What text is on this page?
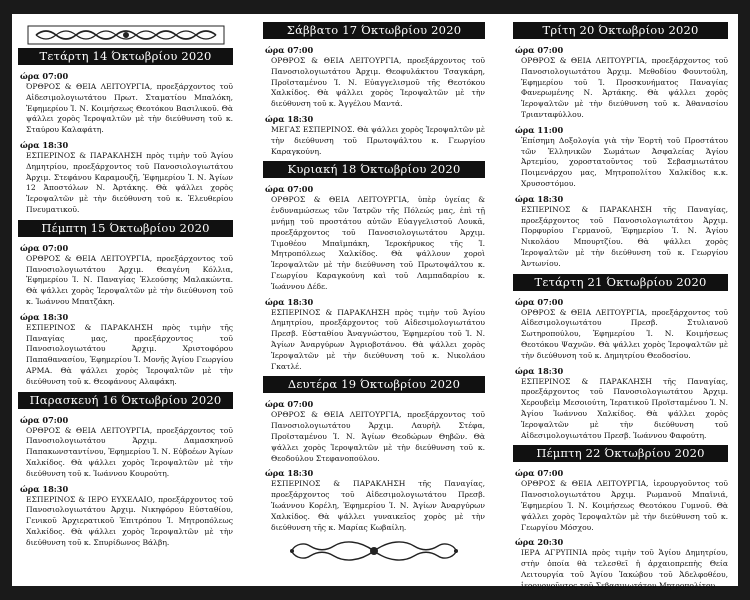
Τετάρτη 14 Όκτωβρίου 2020
ώρα 07:00
ΌΡΘΡΟΣ & ΘΕΙΑ ΛΕΙΤΟΥΡΓΙΑ, προεξάρχοντος τοῦ Αἰδεσιμολογιωτάτου Πρωτ. Σταματίου Μπαλόκη, Ἐφημερίου Ἰ. Ν. Κοιμήσεως Θεοτόκου Βασιλικοῦ. Θὰ ψάλλει χορὸς Ἱεροψαλτῶν μὲ τὴν διεύθυνση τοῦ κ. Σταύρου Καλαφάτη.
ώρα 18:30
ΕΣΠΕΡΙΝΟΣ & ΠΑΡΑΚΛΗΣΗ πρὸς τιμὴν τοῦ Ἁγίου Δημητρίου, προεξάρχοντος τοῦ Πανοσιολογιωτάτου Ἀρχιμ. Στεφάνου Καραμουζῆ, Ἐφημερίου Ἰ. Ν. Ἁγίων 12 Ἀποστόλων Ν. Ἀρτάκης. Θὰ ψάλλει χορὸς Ἱεροψαλτῶν μὲ τὴν διεύθυνση τοῦ κ. Ἐλευθερίου Πνευματικοῦ.
Πέμπτη 15 Όκτωβρίου 2020
ώρα 07:00
ΟΡΘΡΟΣ & ΘΕΙΑ ΛΕΙΤΟΥΡΓΙΑ, προεξάρχοντος τοῦ Πανοσιολογιωτάτου Ἀρχιμ. Θεαγένη Κόλλια, Ἐφημερίου Ἰ. Ν. Παναγίας Ἐλεούσης Μαλακώντα. Θὰ ψάλλει χορὸς Ἱεροψαλτῶν μὲ τὴν διεύθυνση τοῦ κ. Ἰωάννου Μπατζάκη.
ώρα 18:30
ΕΣΠΕΡΙΝΟΣ & ΠΑΡΑΚΛΗΣΗ πρὸς τιμὴν τῆς Παναγίας μας, προεξάρχοντος τοῦ Πανοσιολογιωτάτου Ἀρχιμ. Χριστοφόρου Παπαθανασίου, Ἐφημερίου Ἰ. Μονῆς Ἁγίου Γεωργίου ΑΡΜΑ. Θὰ ψάλλει χορὸς Ἱεροψαλτῶν μὲ τὴν διεύθυνση τοῦ κ. Θεοφάνους Αλαφάκη.
Παρασκευή 16 Όκτωβρίου 2020
ώρα 07:00
ΟΡΘΡΟΣ & ΘΕΙΑ ΛΕΙΤΟΥΡΓΙΑ, προεξάρχοντος τοῦ Πανοσιολογιωτάτου Ἀρχιμ. Δαμασκηνοῦ Παπακωνσταντίνου, Ἐφημερίου Ἰ. Ν. Εὐβοέων Ἁγίων Χαλκίδος. Θὰ ψάλλει χορὸς Ἱεροψαλτῶν μὲ τὴν διεύθυνση τοῦ κ. Ἰωάννου Κουρούτη.
ώρα 18:30
ΕΣΠΕΡΙΝΟΣ & ΙΕΡΟ ΕΥΧΕΛΑΙΟ, προεξάρχοντος τοῦ Πανοσιολογιωτάτου Ἀρχιμ. Νικηφόρου Εὐσταθίου, Γενικοῦ Ἀρχιερατικοῦ Ἐπιτρόπου Ἰ. Μητροπόλεως Χαλκίδος. Θὰ ψάλλει χορὸς Ἱεροψαλτῶν μὲ τὴν διεύθυνση τοῦ κ. Σπυρίδωνος Βάλβη.
Σάββατο 17 Όκτωβρίου 2020
ώρα 07:00
ΟΡΘΡΟΣ & ΘΕΙΑ ΛΕΙΤΟΥΡΓΙΑ, προεξάρχοντος τοῦ Πανοσιολογιωτάτου Ἀρχιμ. Θεοφυλάκτου Τσαγκάρη, Προϊσταμένου Ἰ. Ν. Εὐαγγελισμοῦ τῆς Θεοτόκου Χαλκίδος. Θὰ ψάλλει χορὸς Ἱεροψαλτῶν μὲ τὴν διεύθυνση τοῦ κ. Ἀγγέλου Μαντά.
ώρα 18:30
ΜΕΓΑΣ ΕΣΠΕΡΙΝΟΣ. Θὰ ψάλλει χορὸς Ἱεροψαλτῶν μὲ τὴν διεύθυνση τοῦ Πρωτοψάλτου κ. Γεωργίου Καραγκούνη.
Κυριακή 18 Όκτωβρίου 2020
ώρα 07:00
ΟΡΘΡΟΣ & ΘΕΙΑ ΛΕΙΤΟΥΡΓΙΑ, ὑπὲρ ὑγείας & ἐνδυναμώσεως τῶν Ἰατρῶν τῆς Πόλεώς μας, ἐπὶ τῇ μνήμῃ τοῦ προστάτου αὐτῶν Εὐαγγελιστοῦ Λουκᾶ, προεξάρχοντος τοῦ Πανοσιολογιωτάτου Ἀρχιμ. Τιμοθέου Μπαϊμπάκη, Ἱεροκήρυκος τῆς Ἰ. Μητροπόλεως Χαλκίδος. Θὰ ψάλλουν χοροὶ Ἱεροψαλτῶν μὲ τὴν διεύθυνση τοῦ Πρωτοψάλτου κ. Γεωργίου Καραγκούνη καὶ τοῦ Λαμπαδαρίου κ. Ἰωάννου Δέδε.
ώρα 18:30
ΕΣΠΕΡΙΝΟΣ & ΠΑΡΑΚΛΗΣΗ πρὸς τιμὴν τοῦ Ἁγίου Δημητρίου, προεξάρχοντος τοῦ Αἰδεσιμολογιωτάτου Πρεσβ. Εὐσταθίου Ἀναγνώστου, Ἐφημερίου τοῦ Ἰ. Ν. Ἁγίων Ἀναργύρων Ἀγριοβοτάνου. Θὰ ψάλλει χορὸς Ἱεροψαλτῶν μὲ τὴν διεύθυνση τοῦ κ. Νικολάου Γκατλέ.
Δευτέρα 19 Όκτωβρίου 2020
ώρα 07:00
ΟΡΘΡΟΣ & ΘΕΙΑ ΛΕΙΤΟΥΡΓΙΑ, προεξάρχοντος τοῦ Πανοσιολογιωτάτου Ἀρχιμ. Λαυρὴλ Στέφα, Προϊσταμένου Ἰ. Ν. Ἁγίων Θεοδώρων Θηβῶν. Θὰ ψάλλει χορὸς Ἱεροψαλτῶν μὲ τὴν διεύθυνση τοῦ κ. Θεοδούλου Στεφανοπούλου.
ώρα 18:30
ΕΣΠΕΡΙΝΟΣ & ΠΑΡΑΚΛΗΣΗ τῆς Παναγίας, προεξάρχοντος τοῦ Αἰδεσιμολογιωτάτου Πρεσβ. Ἰωάννου Κορέλη, Ἐφημερίου Ἰ. Ν. Ἁγίων Ἀναργύρων Χαλκίδος. Θὰ ψάλλει γυναικεῖος χορὸς μὲ τὴν διεύθυνση τῆς κ. Μαρίας Κωβαίλη.
Τρίτη 20 Όκτωβρίου 2020
ώρα 07:00
ΟΡΘΡΟΣ & ΘΕΙΑ ΛΕΙΤΟΥΡΓΙΑ, προεξάρχοντος τοῦ Πανοσιολογιωτάτου Ἀρχιμ. Μεθοδίου Φουντούλη, Ἐφημερίου τοῦ Ἰ. Προσκυνήματος Παναγίας Φανερωμένης Ν. Ἀρτάκης. Θὰ ψάλλει χορὸς Ἱεροψαλτῶν μὲ τὴν διεύθυνση τοῦ κ. Ἀθανασίου Τριανταφύλλου.
ώρα 11:00
Ἐπίσημη Δοξολογία γιὰ τὴν Ἑορτὴ τοῦ Προστάτου τῶν Ἑλληνικῶν Σωμάτων Ἀσφαλείας Ἁγίου Ἀρτεμίου, χοροστατοῦντος τοῦ Σεβασμιωτάτου Ποιμενάρχου μας, Μητροπολίτου Χαλκίδος κ.κ. Χρυσοστόμου.
ώρα 18:30
ΕΣΠΕΡΙΝΟΣ & ΠΑΡΑΚΛΗΣΗ τῆς Παναγίας, προεξάρχοντος τοῦ Πανοσιολογιωτάτου Ἀρχιμ. Πορφυρίου Γερμανοῦ, Ἐφημερίου Ἰ. Ν. Ἁγίου Νικολάου Μπουρτζίου. Θὰ ψάλλει χορὸς Ἱεροψαλτῶν μὲ τὴν διεύθυνση τοῦ κ. Γεωργίου Ἀντωνίου.
Τετάρτη 21 Όκτωβρίου 2020
ώρα 07:00
ΟΡΘΡΟΣ & ΘΕΙΑ ΛΕΙΤΟΥΡΓΙΑ, προεξάρχοντος τοῦ Αἰδεσιμολογιωτάτου Πρεσβ. Στυλιανοῦ Σωτηροπούλου, Ἐφημερίου Ἰ. Ν. Κοιμήσεως Θεοτόκου Ψαχνῶν. Θὰ ψάλλει χορὸς Ἱεροψαλτῶν μὲ τὴν διεύθυνση τοῦ κ. Δημητρίου Θεοδοσίου.
ώρα 18:30
ΕΣΠΕΡΙΝΟΣ & ΠΑΡΑΚΛΗΣΗ τῆς Παναγίας, προεξάρχοντος τοῦ Πανοσιολογιωτάτου Ἀρχιμ. Χερουβεὶμ Μεσοιούτη, Ἱερατικοῦ Προϊσταμένου Ἰ. Ν. Ἁγίου Ἰωάννου Χαλκίδος. Θὰ ψάλλει χορὸς Ἱεροψαλτῶν μὲ τὴν διεύθυνση τοῦ Αἰδεσιμολογιωτάτου Πρεσβ. Ἰωάννου Φαφούτη.
Πέμπτη 22 Όκτωβρίου 2020
ώρα 07:00
ΟΡΘΡΟΣ & ΘΕΙΑ ΛΕΙΤΟΥΡΓΙΑ, ἱερουργοῦντος τοῦ Πανοσιολογιωτάτου Ἀρχιμ. Ρωμανοῦ Μπαϊνιά, Ἐφημερίου Ἰ. Ν. Κοιμήσεως Θεοτόκου Γυμνοῦ. Θὰ ψάλλει χορὸς Ἱεροψαλτῶν μὲ τὴν διεύθυνση τοῦ κ. Γεωργίου Μόσχου.
ώρα 20:30
ΙΕΡΑ ΑΓΡΥΠΝΙΑ πρὸς τιμὴν τοῦ Ἁγίου Δημητρίου, στὴν ὁποία θὰ τελεσθεῖ ἡ ἀρχαιοπρεπὴς Θεία Λειτουργία τοῦ Ἁγίου Ἰακώβου τοῦ Ἀδελφοθέου, ἱερουργοῦντος τοῦ Σεβασμιωτάτου Μητροπολίτου
